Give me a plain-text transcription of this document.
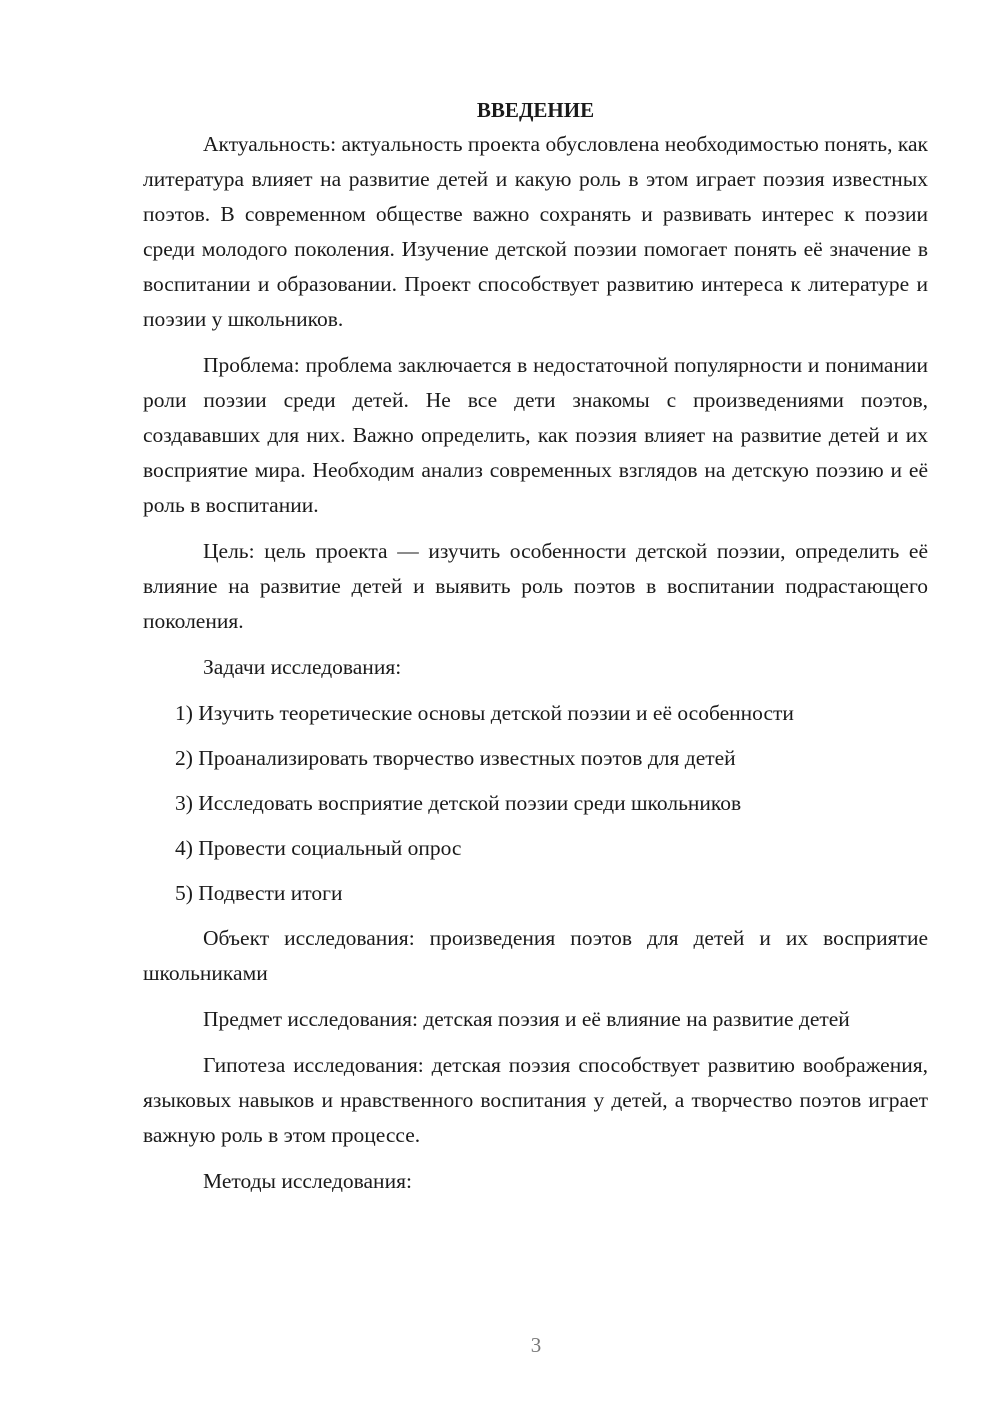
ВВЕДЕНИЕ

Актуальность: актуальность проекта обусловлена необходимостью понять, как литература влияет на развитие детей и какую роль в этом играет поэзия известных поэтов. В современном обществе важно сохранять и развивать интерес к поэзии среди молодого поколения. Изучение детской поэзии помогает понять её значение в воспитании и образовании. Проект способствует развитию интереса к литературе и поэзии у школьников.

Проблема: проблема заключается в недостаточной популярности и понимании роли поэзии среди детей. Не все дети знакомы с произведениями поэтов, создававших для них. Важно определить, как поэзия влияет на развитие детей и их восприятие мира. Необходим анализ современных взглядов на детскую поэзию и её роль в воспитании.

Цель: цель проекта — изучить особенности детской поэзии, определить её влияние на развитие детей и выявить роль поэтов в воспитании подрастающего поколения.

Задачи исследования:

1) Изучить теоретические основы детской поэзии и её особенности
2) Проанализировать творчество известных поэтов для детей
3) Исследовать восприятие детской поэзии среди школьников
4) Провести социальный опрос
5) Подвести итоги

Объект исследования: произведения поэтов для детей и их восприятие школьниками

Предмет исследования: детская поэзия и её влияние на развитие детей

Гипотеза исследования: детская поэзия способствует развитию воображения, языковых навыков и нравственного воспитания у детей, а творчество поэтов играет важную роль в этом процессе.

Методы исследования:

3
